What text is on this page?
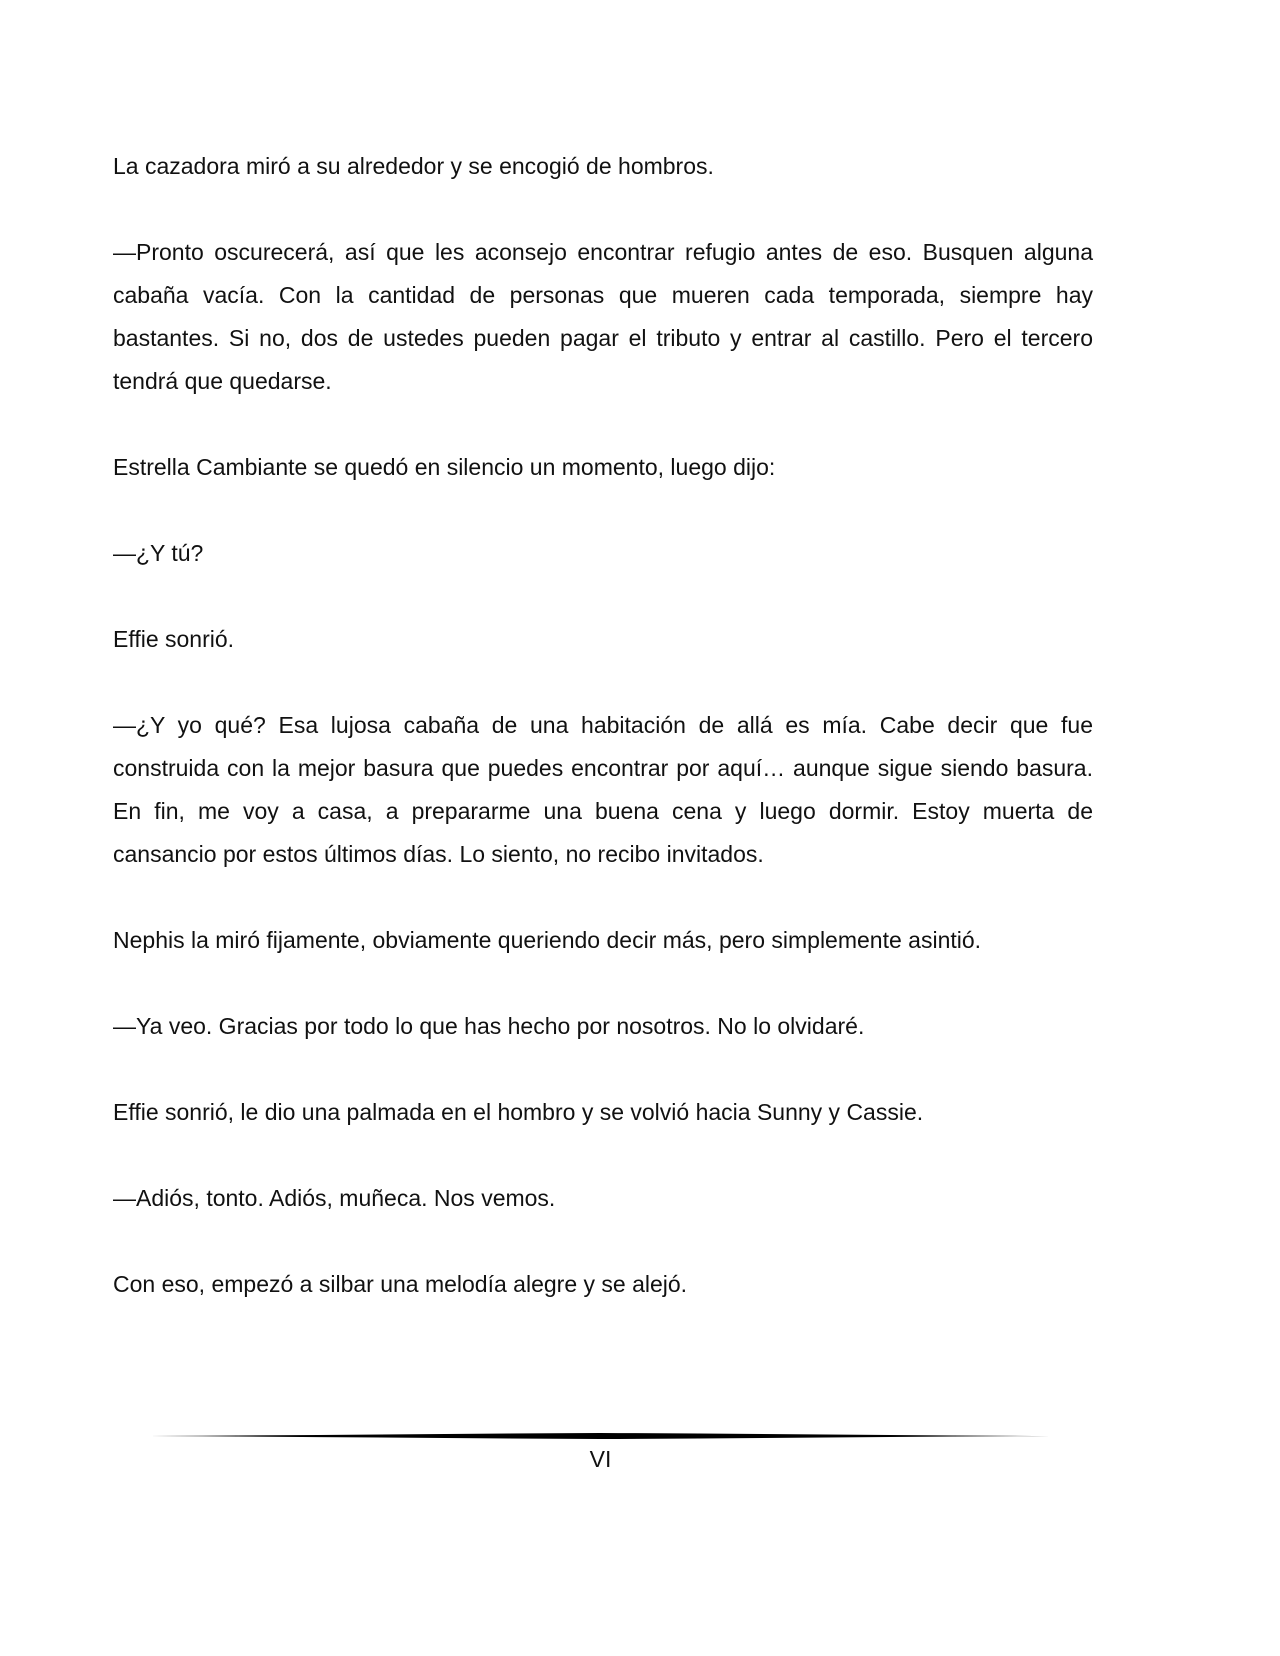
La cazadora miró a su alrededor y se encogió de hombros.

—Pronto oscurecerá, así que les aconsejo encontrar refugio antes de eso. Busquen alguna cabaña vacía. Con la cantidad de personas que mueren cada temporada, siempre hay bastantes. Si no, dos de ustedes pueden pagar el tributo y entrar al castillo. Pero el tercero tendrá que quedarse.

Estrella Cambiante se quedó en silencio un momento, luego dijo:

—¿Y tú?

Effie sonrió.

—¿Y yo qué? Esa lujosa cabaña de una habitación de allá es mía. Cabe decir que fue construida con la mejor basura que puedes encontrar por aquí… aunque sigue siendo basura. En fin, me voy a casa, a prepararme una buena cena y luego dormir. Estoy muerta de cansancio por estos últimos días. Lo siento, no recibo invitados.

Nephis la miró fijamente, obviamente queriendo decir más, pero simplemente asintió.

—Ya veo. Gracias por todo lo que has hecho por nosotros. No lo olvidaré.

Effie sonrió, le dio una palmada en el hombro y se volvió hacia Sunny y Cassie.

—Adiós, tonto. Adiós, muñeca. Nos vemos.

Con eso, empezó a silbar una melodía alegre y se alejó.

VI
